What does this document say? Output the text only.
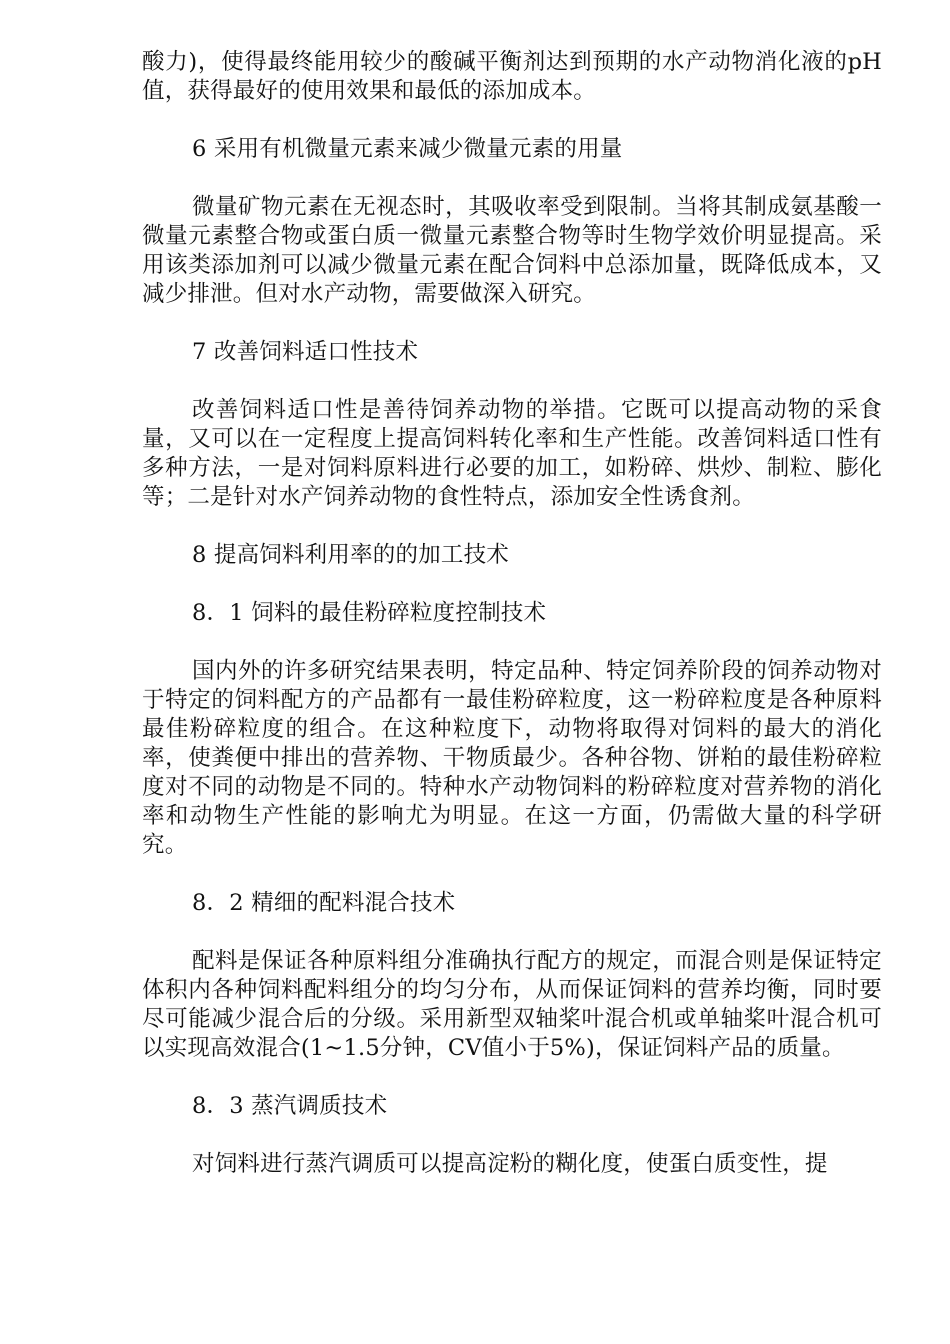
酸力)，使得最终能用较少的酸碱平衡剂达到预期的水产动物消化液的pH值，获得最好的使用效果和最低的添加成本。

6 采用有机微量元素来减少微量元素的用量

微量矿物元素在无视态时，其吸收率受到限制。当将其制成氨基酸一微量元素整合物或蛋白质一微量元素整合物等时生物学效价明显提高。采用该类添加剂可以减少微量元素在配合饲料中总添加量，既降低成本，又减少排泄。但对水产动物，需要做深入研究。

7 改善饲料适口性技术

改善饲料适口性是善待饲养动物的举措。它既可以提高动物的采食量，又可以在一定程度上提高饲料转化率和生产性能。改善饲料适口性有多种方法，一是对饲料原料进行必要的加工，如粉碎、烘炒、制粒、膨化等；二是针对水产饲养动物的食性特点，添加安全性诱食剂。

8 提高饲料利用率的的加工技术

8．1 饲料的最佳粉碎粒度控制技术

国内外的许多研究结果表明，特定品种、特定饲养阶段的饲养动物对于特定的饲料配方的产品都有一最佳粉碎粒度，这一粉碎粒度是各种原料最佳粉碎粒度的组合。在这种粒度下，动物将取得对饲料的最大的消化率，使粪便中排出的营养物、干物质最少。各种谷物、饼粕的最佳粉碎粒度对不同的动物是不同的。特种水产动物饲料的粉碎粒度对营养物的消化率和动物生产性能的影响尤为明显。在这一方面，仍需做大量的科学研究。

8．2 精细的配料混合技术

配料是保证各种原料组分准确执行配方的规定，而混合则是保证特定体积内各种饲料配料组分的均匀分布，从而保证饲料的营养均衡，同时要尽可能减少混合后的分级。采用新型双轴桨叶混合机或单轴桨叶混合机可以实现高效混合(1~1.5分钟，CV值小于5%)，保证饲料产品的质量。

8．3 蒸汽调质技术

对饲料进行蒸汽调质可以提高淀粉的糊化度，使蛋白质变性，提
